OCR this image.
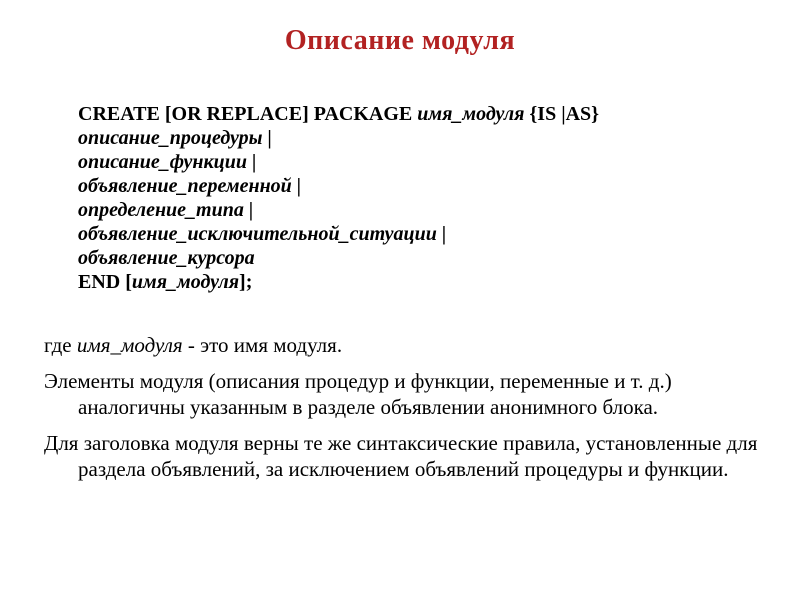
Описание модуля
CREATE [OR REPLACE] PACKAGE имя_модуля {IS |AS}
описание_процедуры |
описание_функции |
объявление_переменной |
определение_типа |
объявление_исключительной_ситуации |
объявление_курсора
END [имя_модуля];

где имя_модуля - это имя модуля.

Элементы модуля (описания процедур и функции, переменные и т. д.) аналогичны указанным в разделе объявлении анонимного блока.

Для заголовка модуля верны те же синтаксические правила, установленные для раздела объявлений, за исключением объявлений процедуры и функции.
